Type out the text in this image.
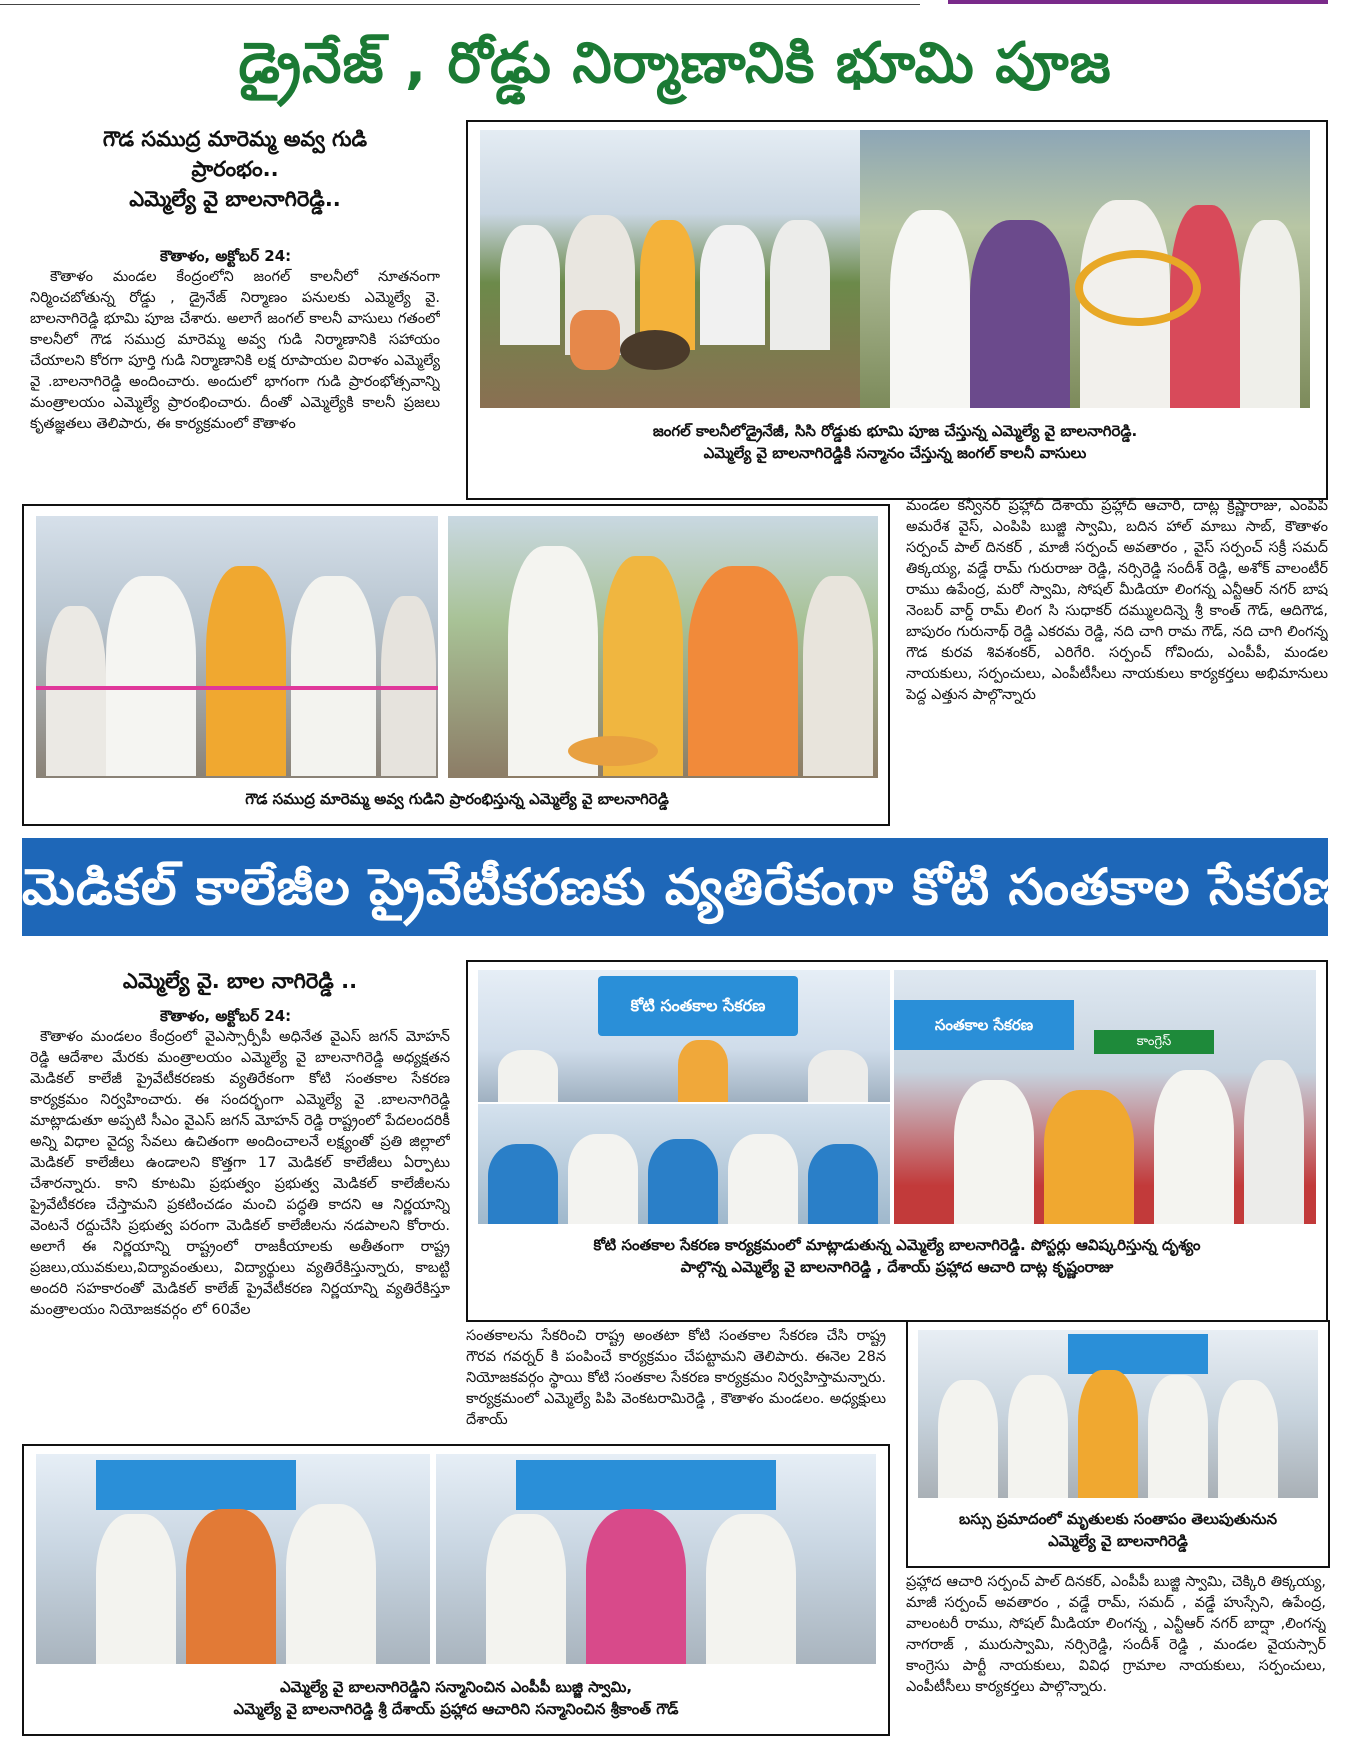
డ్రైనేజ్ , రోడ్డు నిర్మాణానికి భూమి పూజ
గౌడ సముద్ర మారెమ్మ అవ్వ గుడి
ప్రారంభం..
ఎమ్మెల్యే వై బాలనాగిరెడ్డి..
కౌతాళం, అక్టోబర్ 24:
కౌతాళం మండల కేంద్రంలోని జంగల్ కాలనీలో నూతనంగా నిర్మించబోతున్న రోడ్డు , డ్రైనేజ్ నిర్మాణం పనులకు ఎమ్మెల్యే వై. బాలనాగిరెడ్డి భూమి పూజ చేశారు. అలాగే జంగల్ కాలనీ వాసులు గతంలో కాలనీలో గౌడ సముద్ర మారెమ్మ అవ్వ గుడి నిర్మాణానికి సహాయం చేయాలని కోరగా పూర్తి గుడి నిర్మాణానికి లక్ష రూపాయల విరాళం ఎమ్మెల్యే వై .బాలనాగిరెడ్డి అందించారు. అందులో భాగంగా గుడి ప్రారంభోత్సవాన్ని మంత్రాలయం ఎమ్మెల్యే ప్రారంభించారు. దీంతో ఎమ్మెల్యేకి కాలనీ ప్రజలు కృతజ్ఞతలు తెలిపారు, ఈ కార్యక్రమంలో కౌతాళం	జంగల్ కాలనీలోడ్రైనేజీ, సిసి రోడ్డుకు భూమి పూజ చేస్తున్న ఎమ్మెల్యే వై బాలనాగిరెడ్డి.
ఎమ్మెల్యే వై బాలనాగిరెడ్డికి సన్మానం చేస్తున్న జంగల్ కాలనీ వాసులు
గౌడ సముద్ర మారెమ్మ అవ్వ గుడిని ప్రారంభిస్తున్న ఎమ్మెల్యే వై బాలనాగిరెడ్డి
మండల కన్వీనర్ ప్రహ్లాద్ దేశాయ్ ప్రహ్లాద్ ఆచారి, దాట్ల క్రిష్ణారాజు, ఎంపిపి అమరేశ వైస్, ఎంపిపి బుజ్జి స్వామి, బదిన హాల్ మాబు సాబ్, కౌతాళం సర్పంచ్ పాల్ దినకర్ , మాజీ సర్పంచ్ అవతారం , వైస్ సర్పంచ్ సక్రీ సమద్ తిక్కయ్య, వడ్డే రామ్ గురురాజు రెడ్డి, నర్సిరెడ్డి సందీశ్ రెడ్డి, అశోక్ వాలంటీర్ రాము ఉపేంద్ర, మరో స్వామి, సోషల్ మీడియా లింగన్న ఎన్టీఆర్ నగర్ బాష నెంబర్ వార్డ్ రామ్ లింగ సి సుధాకర్ దమ్ములదిన్నె శ్రీ కాంత్ గౌడ్, ఆదిగౌడ, బాపురం గురునాథ్ రెడ్డి ఎకరమ రెడ్డి, నది చాగి రామ గౌడ్, నది చాగి లింగన్న గౌడ కురవ శివశంకర్, ఎరిగేరి. సర్పంచ్ గోవిందు, ఎంపీపీ, మండల నాయకులు, సర్పంచులు, ఎంపీటీసీలు నాయకులు కార్యకర్తలు అభిమానులు పెద్ద ఎత్తున పాల్గొన్నారు
మెడికల్ కాలేజీల ప్రైవేటీకరణకు వ్యతిరేకంగా కోటి సంతకాల సేకరణ
ఎమ్మెల్యే వై. బాల నాగిరెడ్డి ..
కౌతాళం, అక్టోబర్ 24:
కౌతాళం మండలం కేంద్రంలో వైఎస్సార్పీపీ అధినేత వైఎస్ జగన్ మోహన్ రెడ్డి ఆదేశాల మేరకు మంత్రాలయం ఎమ్మెల్యే వై బాలనాగిరెడ్డి అధ్యక్షతన మెడికల్ కాలేజీ ప్రైవేటీకరణకు వ్యతిరేకంగా కోటి సంతకాల సేకరణ కార్యక్రమం నిర్వహించారు. ఈ సందర్భంగా ఎమ్మెల్యే వై .బాలనాగిరెడ్డి మాట్లాడుతూ అప్పటి సీఎం వైఎస్ జగన్ మోహన్ రెడ్డి రాష్ట్రంలో పేదలందరికీ అన్ని విధాల వైద్య సేవలు ఉచితంగా అందించాలనే లక్ష్యంతో ప్రతి జిల్లాలో మెడికల్ కాలేజీలు ఉండాలని కొత్తగా 17 మెడికల్ కాలేజీలు ఏర్పాటు చేశారన్నారు. కాని కూటమి ప్రభుత్వం ప్రభుత్వ మెడికల్ కాలేజీలను ప్రైవేటీకరణ చేస్తామని ప్రకటించడం మంచి పద్ధతి కాదని ఆ నిర్ణయాన్ని వెంటనే రద్దుచేసి ప్రభుత్వ పరంగా మెడికల్ కాలేజీలను నడపాలని కోరారు. అలాగే ఈ నిర్ణయాన్ని రాష్ట్రంలో రాజకీయాలకు అతీతంగా రాష్ట్ర ప్రజలు,యువకులు,విద్యావంతులు, విద్యార్థులు వ్యతిరేకిస్తున్నారు, కాబట్టి అందరి సహకారంతో మెడికల్ కాలేజ్ ప్రైవేటీకరణ నిర్ణయాన్ని వ్యతిరేకిస్తూ మంత్రాలయం నియోజకవర్గం లో 60వేల
కోటి సంతకాల సేకరణ
సంతకాల సేకరణ
కాంగ్రెస్
కోటి సంతకాల సేకరణ కార్యక్రమంలో మాట్లాడుతున్న ఎమ్మెల్యే బాలనాగిరెడ్డి. పోస్టర్లు ఆవిష్కరిస్తున్న దృశ్యం
పాల్గొన్న ఎమ్మెల్యే వై బాలనాగిరెడ్డి , దేశాయ్ ప్రహ్లాద ఆచారి దాట్ల కృష్ణంరాజు
సంతకాలను సేకరించి రాష్ట్ర అంతటా కోటి సంతకాల సేకరణ చేసి రాష్ట్ర గౌరవ గవర్నర్ కి పంపించే కార్యక్రమం చేపట్టామని తెలిపారు. ఈనెల 28న నియోజకవర్గం స్థాయి కోటి సంతకాల సేకరణ కార్యక్రమం నిర్వహిస్తామన్నారు. కార్యక్రమంలో ఎమ్మెల్యే పిపి వెంకటరామిరెడ్డి , కౌతాళం మండలం. అధ్యక్షులు దేశాయ్
బస్సు ప్రమాదంలో మృతులకు సంతాపం తెలుపుతునున
ఎమ్మెల్యే వై బాలనాగిరెడ్డి
ఎమ్మెల్యే వై బాలనాగిరెడ్డిని సన్మానించిన ఎంపీపీ బుజ్జి స్వామి,
ఎమ్మెల్యే వై బాలనాగిరెడ్డి శ్రీ దేశాయ్ ప్రహ్లాద ఆచారిని సన్మానించిన శ్రీకాంత్ గౌడ్
ప్రహ్లాద ఆచారి సర్పంచ్ పాల్ దినకర్, ఎంపీపీ బుజ్జి స్వామి, చెక్కిరి తిక్కయ్య, మాజీ సర్పంచ్ అవతారం , వడ్డే రామ్, సమద్ , వడ్డే హుస్సేని, ఉపేంద్ర, వాలంటరీ రాము, సోషల్ మీడియా లింగన్న , ఎన్టీఆర్ నగర్ బాద్షా ,లింగన్న నాగరాజ్ , మురుస్వామి, నర్సిరెడ్డి, సందీశ్ రెడ్డి , మండల వైయస్సార్ కాంగ్రెసు పార్టీ నాయకులు, వివిధ గ్రామాల నాయకులు, సర్పంచులు, ఎంపీటీసీలు కార్యకర్తలు పాల్గొన్నారు.
